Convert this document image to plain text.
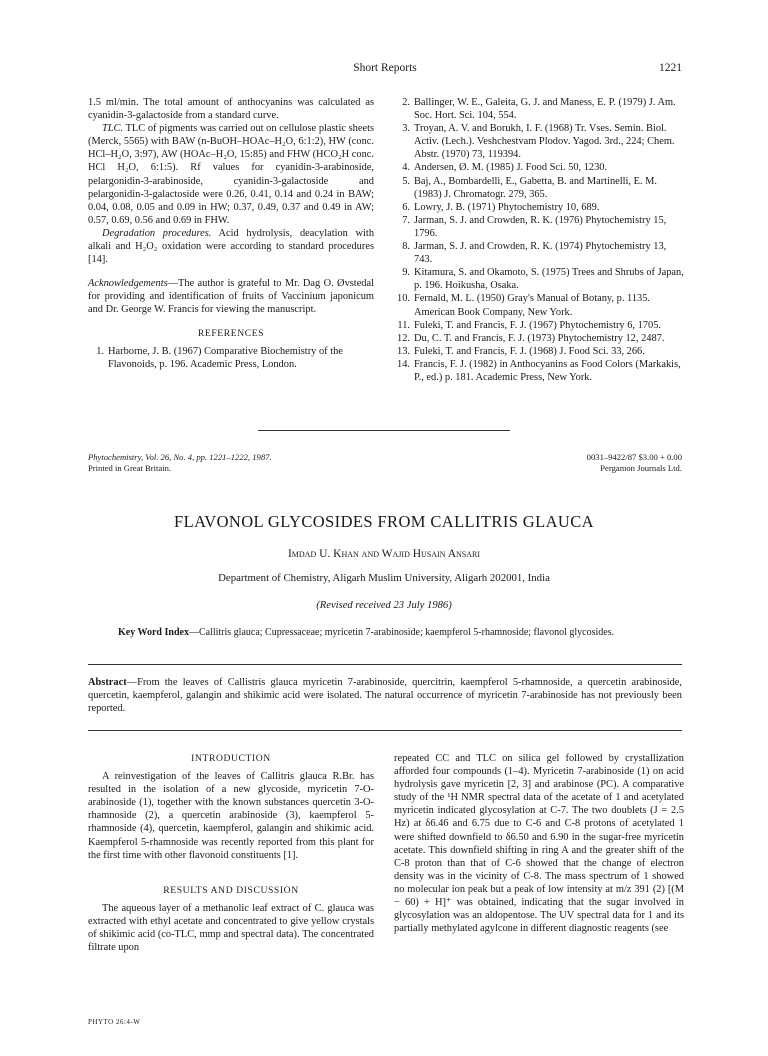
Short Reports	1221

1.5 ml/min. The total amount of anthocyanins was calculated as cyanidin-3-galactoside from a standard curve.

TLC. TLC of pigments was carried out on cellulose plastic sheets (Merck, 5565) with BAW (n-BuOH–HOAc–H₂O, 6:1:2), HW (conc. HCl–H₂O, 3:97), AW (HOAc–H₂O, 15:85) and FHW (HCO₂H conc. HCl H₂O, 6:1:5). Rf values for cyanidin-3-arabinoside, pelargonidin-3-arabinoside, cyanidin-3-galactoside and pelargonidin-3-galactoside were 0.26, 0.41, 0.14 and 0.24 in BAW; 0.04, 0.08, 0.05 and 0.09 in HW; 0.37, 0.49, 0.37 and 0.49 in AW; 0.57, 0.69, 0.56 and 0.69 in FHW.

Degradation procedures. Acid hydrolysis, deacylation with alkali and H₂O₂ oxidation were according to standard procedures [14].

Acknowledgements—The author is grateful to Mr. Dag O. Øvstedal for providing and identification of fruits of Vaccinium japonicum and Dr. George W. Francis for viewing the manuscript.

REFERENCES
1. Harborne, J. B. (1967) Comparative Biochemistry of the Flavonoids, p. 196. Academic Press, London.
2. Ballinger, W. E., Galeita, G. J. and Maness, E. P. (1979) J. Am. Soc. Hort. Sci. 104, 554.
3. Troyan, A. V. and Borukh, I. F. (1968) Tr. Vses. Semin. Biol. Activ. (Lech.). Veshchestvam Plodov. Yagod. 3rd., 224; Chem. Abstr. (1970) 73, 119394.
4. Andersen, Ø. M. (1985) J. Food Sci. 50, 1230.
5. Baj, A., Bombardelli, E., Gabetta, B. and Martinelli, E. M. (1983) J. Chromatogr. 279, 365.
6. Lowry, J. B. (1971) Phytochemistry 10, 689.
7. Jarman, S. J. and Crowden, R. K. (1976) Phytochemistry 15, 1796.
8. Jarman, S. J. and Crowden, R. K. (1974) Phytochemistry 13, 743.
9. Kitamura, S. and Okamoto, S. (1975) Trees and Shrubs of Japan, p. 196. Hoikusha, Osaka.
10. Fernald, M. L. (1950) Gray's Manual of Botany, p. 1135. American Book Company, New York.
11. Fuleki, T. and Francis, F. J. (1967) Phytochemistry 6, 1705.
12. Du, C. T. and Francis, F. J. (1973) Phytochemistry 12, 2487.
13. Fuleki, T. and Francis, F. J. (1968) J. Food Sci. 33, 266.
14. Francis, F. J. (1982) in Anthocyanins as Food Colors (Markakis, P., ed.) p. 181. Academic Press, New York.
Phytochemistry, Vol. 26, No. 4, pp. 1221–1222, 1987.
Printed in Great Britain.
0031–9422/87 $3.00 + 0.00
Pergamon Journals Ltd.
FLAVONOL GLYCOSIDES FROM CALLITRIS GLAUCA
Imdad U. Khan and Wajid Husain Ansari
Department of Chemistry, Aligarh Muslim University, Aligarh 202001, India
(Revised received 23 July 1986)
Key Word Index—Callitris glauca; Cupressaceae; myricetin 7-arabinoside; kaempferol 5-rhamnoside; flavonol glycosides.
Abstract—From the leaves of Callistris glauca myricetin 7-arabinoside, quercitrin, kaempferol 5-rhamnoside, a quercetin arabinoside, quercetin, kaempferol, galangin and shikimic acid were isolated. The natural occurrence of myricetin 7-arabinoside has not previously been reported.
INTRODUCTION

A reinvestigation of the leaves of Callitris glauca R.Br. has resulted in the isolation of a new glycoside, myricetin 7-O-arabinoside (1), together with the known substances quercetin 3-O-rhamnoside (2), a quercetin arabinoside (3), kaempferol 5-rhamnoside (4), quercetin, kaempferol, galangin and shikimic acid. Kaempferol 5-rhamnoside was recently reported from this plant for the first time with other flavonoid constituents [1].

RESULTS AND DISCUSSION

The aqueous layer of a methanolic leaf extract of C. glauca was extracted with ethyl acetate and concentrated to give yellow crystals of shikimic acid (co-TLC, mmp and spectral data). The concentrated filtrate upon

repeated CC and TLC on silica gel followed by crystallization afforded four compounds (1–4). Myricetin 7-arabinoside (1) on acid hydrolysis gave myricetin [2, 3] and arabinose (PC). A comparative study of the ¹H NMR spectral data of the acetate of 1 and acetylated myricetin indicated glycosylation at C-7. The two doublets (J = 2.5 Hz) at δ6.46 and 6.75 due to C-6 and C-8 protons of acetylated 1 were shifted downfield to δ6.50 and 6.90 in the sugar-free myricetin acetate. This downfield shifting in ring A and the greater shift of the C-8 proton than that of C-6 showed that the change of electron density was in the vicinity of C-8. The mass spectrum of 1 showed no molecular ion peak but a peak of low intensity at m/z 391 (2) [(M − 60) + H]⁺ was obtained, indicating that the sugar involved in glycosylation was an aldopentose. The UV spectral data for 1 and its partially methylated agylcone in different diagnostic reagents (see

PHYTO 26:4-W
